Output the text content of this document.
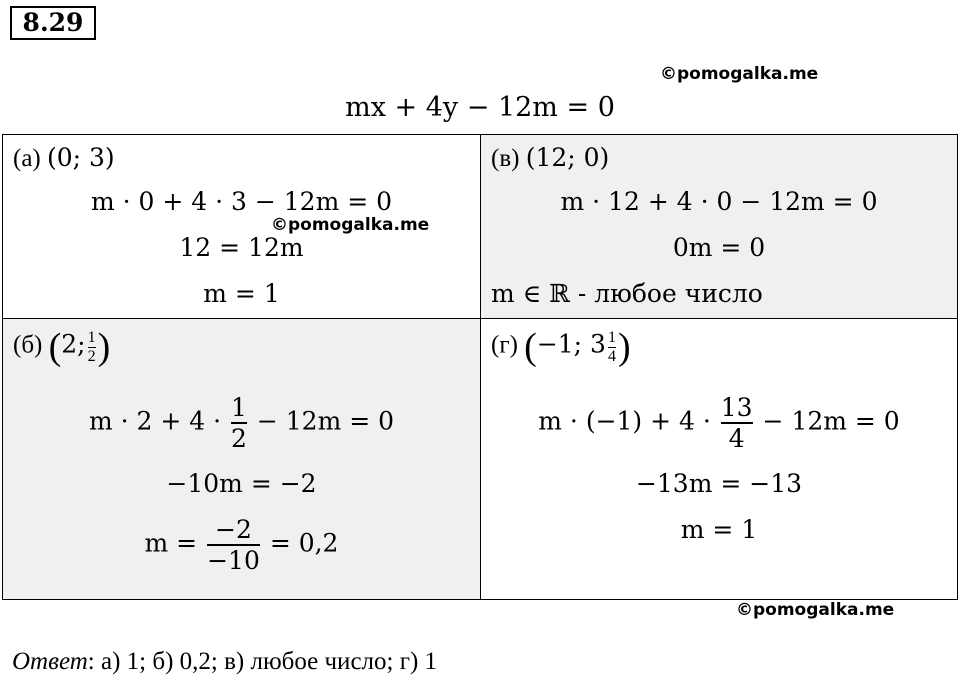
8.29
©pomogalka.me
mx + 4y − 12m = 0
(а) (0; 3)
m · 0 + 4 · 3 − 12m = 0
12 = 12m
m = 1
©pomogalka.me
(в) (12; 0)
m · 12 + 4 · 0 − 12m = 0
0m = 0
m ∈ ℝ - любое число
(б) (2; $\frac{1}{2}$ )
$m \cdot 2 + 4 \cdot \frac{1}{2} - 12m = 0$
−10m = −2
$m = \frac{-2}{-10} = 0,2$
(г) (−1; $3 \frac{1}{4}$ )
$m \cdot (-1) + 4 \cdot \frac{13}{4} - 12m = 0$
−13m = −13
m = 1
©pomogalka.me
Ответ: а) 1; б) 0,2; в) любое число; г) 1
